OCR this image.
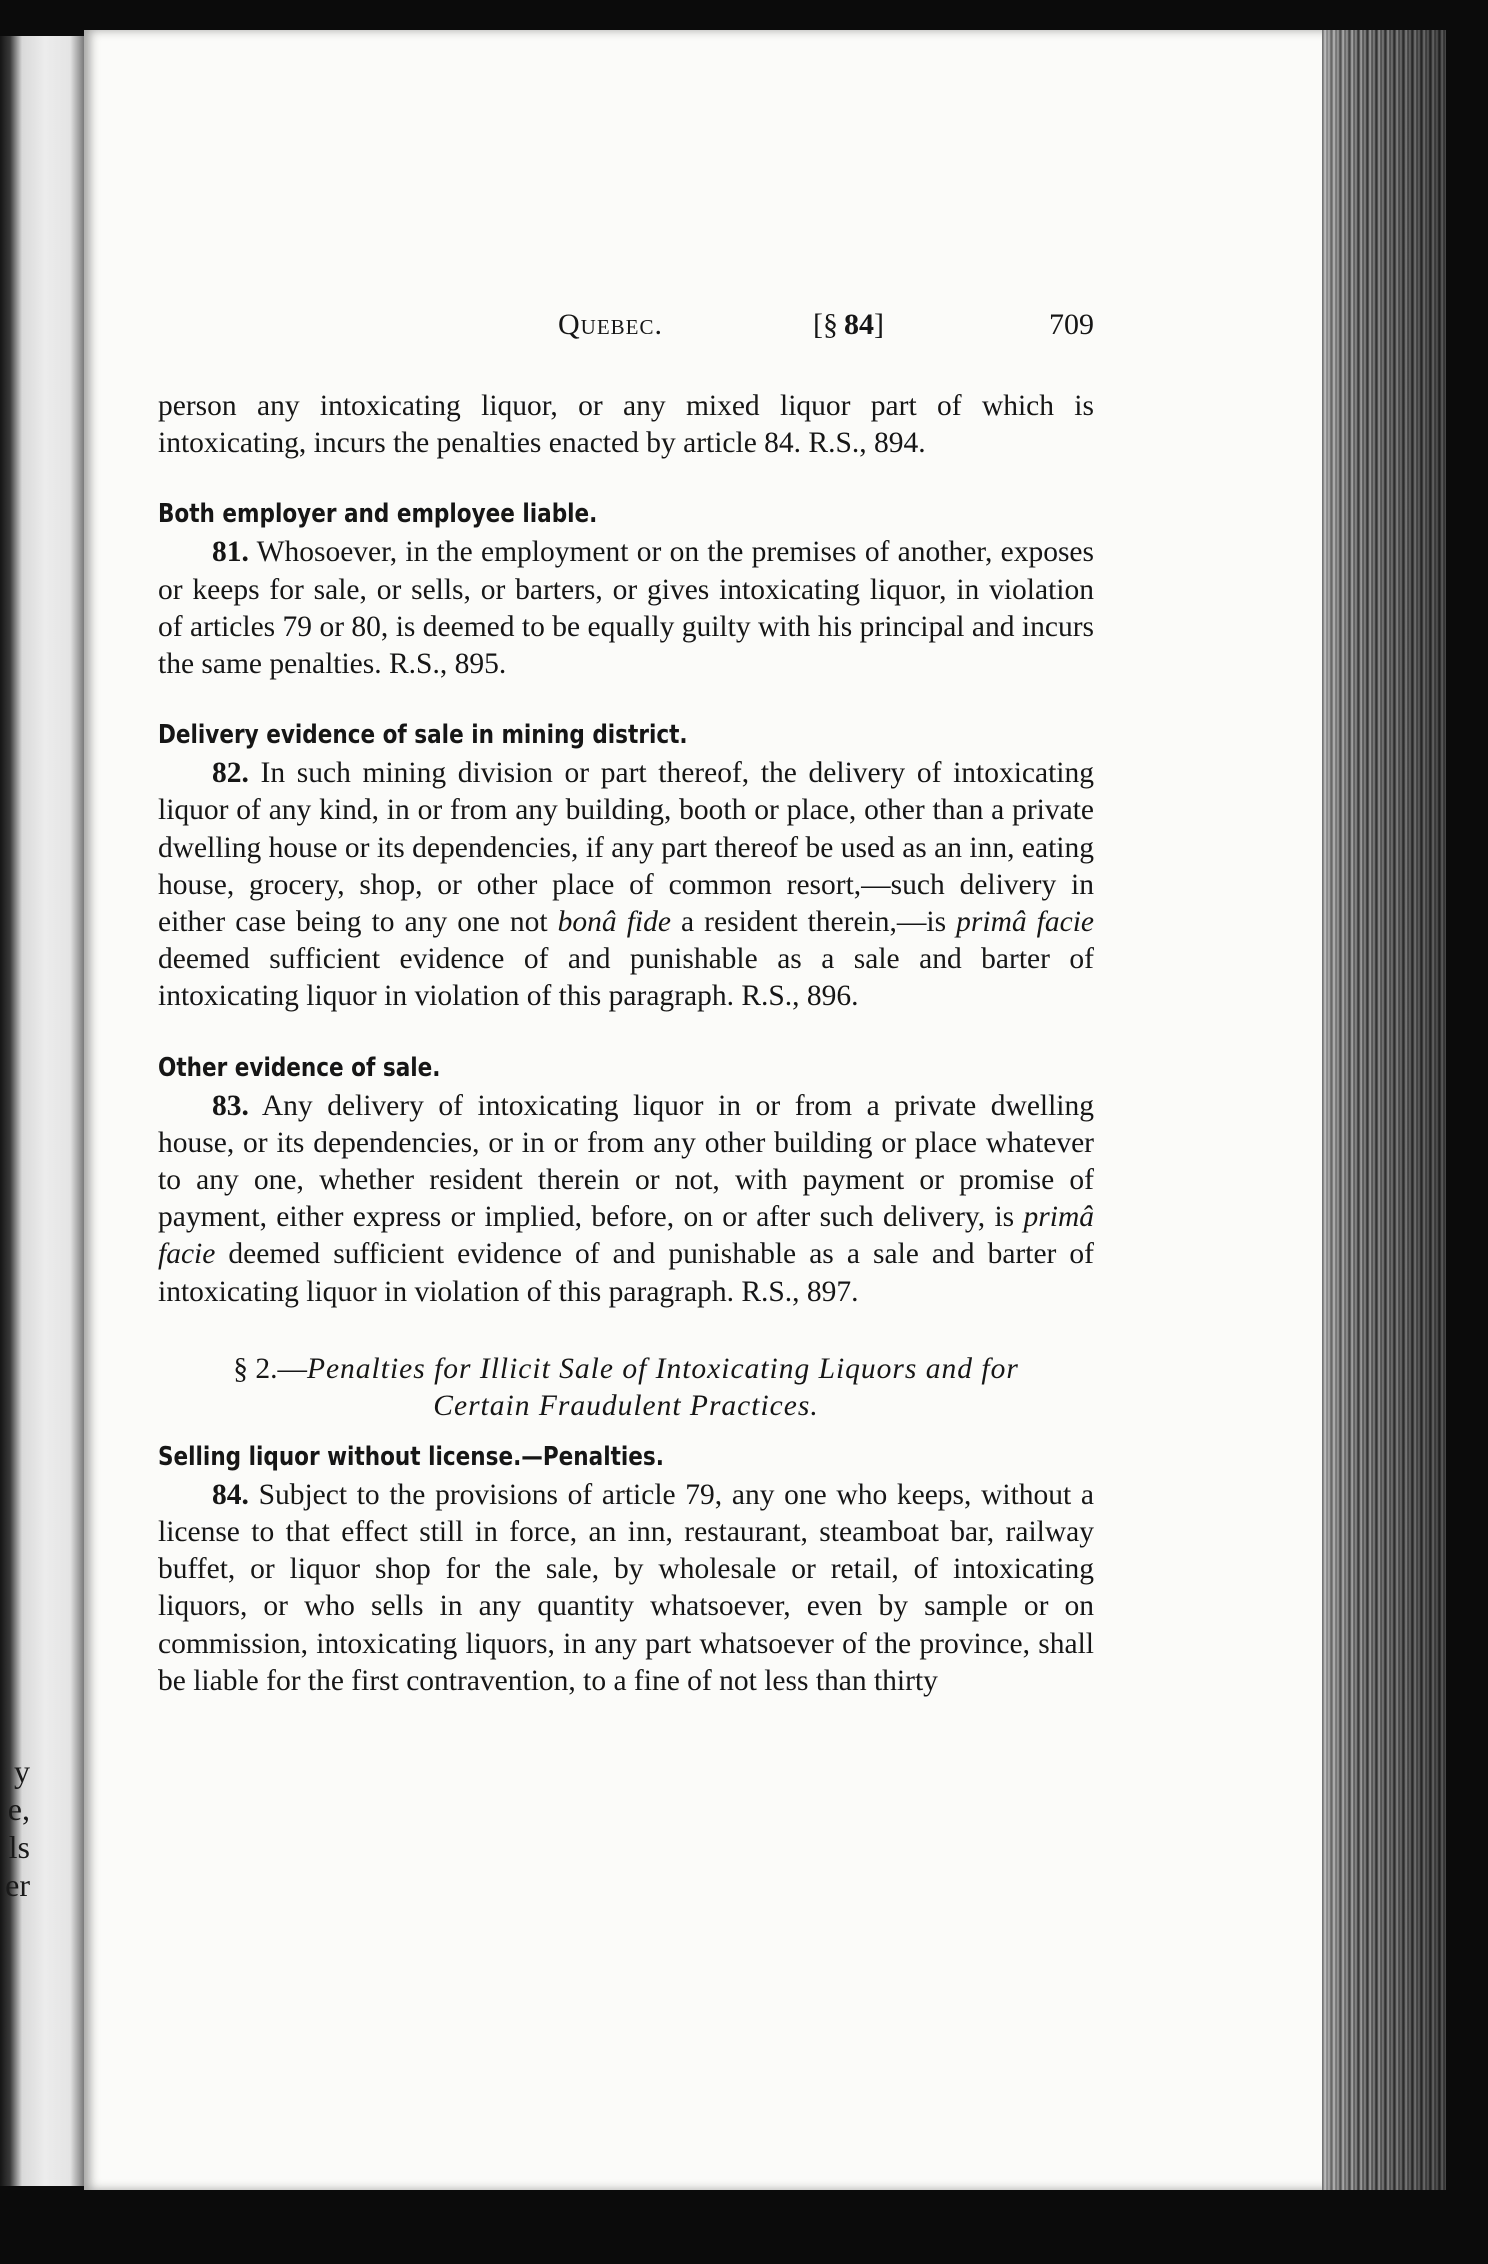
y
e,
ls
er
Quebec.	[§  84]	709

person any intoxicating liquor, or any mixed liquor part of which is intoxicating, incurs the penalties enacted by article 84. R.S., 894.

Both employer and employee liable.

81. Whosoever, in the employment or on the premises of another, exposes or keeps for sale, or sells, or barters, or gives intoxicating liquor, in violation of articles 79 or 80, is deemed to be equally guilty with his principal and incurs the same penalties. R.S., 895.

Delivery evidence of sale in mining district.

82. In such mining division or part thereof, the delivery of intoxicating liquor of any kind, in or from any building, booth or place, other than a private dwelling house or its dependencies, if any part thereof be used as an inn, eating house, grocery, shop, or other place of common resort,—such delivery in either case being to any one not bonâ fide a resident therein,—is primâ facie deemed sufficient evidence of and punishable as a sale and barter of intoxicating liquor in violation of this paragraph. R.S., 896.

Other evidence of sale.

83. Any delivery of intoxicating liquor in or from a private dwelling house, or its dependencies, or in or from any other building or place whatever to any one, whether resident therein or not, with payment or promise of payment, either express or implied, before, on or after such delivery, is primâ facie deemed sufficient evidence of and punishable as a sale and barter of intoxicating liquor in violation of this paragraph. R.S., 897.

§ 2.—Penalties for Illicit Sale of Intoxicating Liquors and for
Certain Fraudulent Practices.
Selling liquor without license.—Penalties.

84. Subject to the provisions of article 79, any one who keeps, without a license to that effect still in force, an inn, restaurant, steamboat bar, railway buffet, or liquor shop for the sale, by wholesale or retail, of intoxicating liquors, or who sells in any quantity whatsoever, even by sample or on commission, intoxicating liquors, in any part whatsoever of the province, shall be liable for the first contravention, to a fine of not less than thirty
